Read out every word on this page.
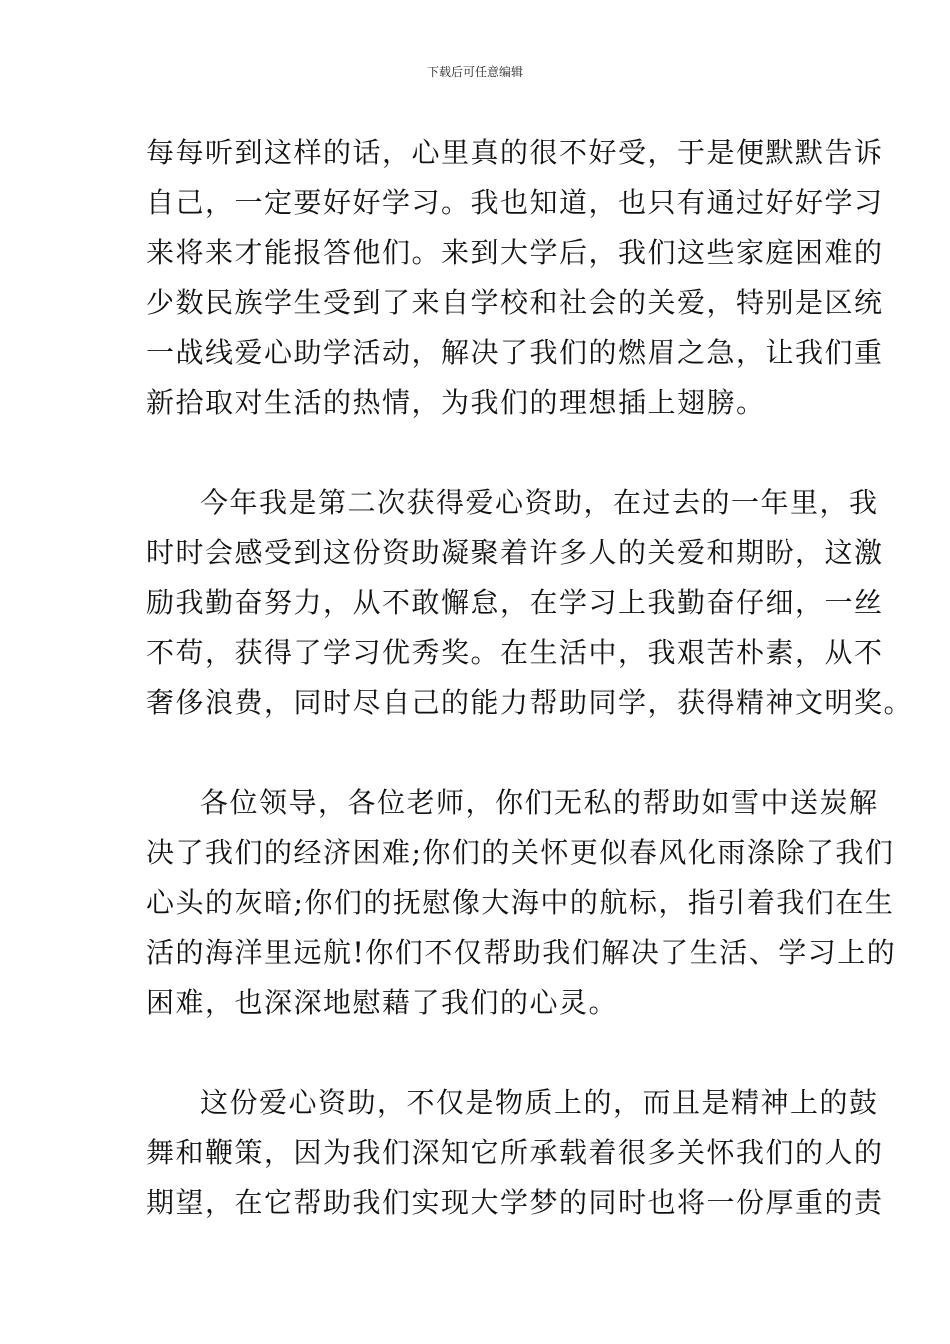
下载后可任意编辑
每每听到这样的话，心里真的很不好受，于是便默默告诉
自己，一定要好好学习。我也知道，也只有通过好好学习
来将来才能报答他们。来到大学后，我们这些家庭困难的
少数民族学生受到了来自学校和社会的关爱，特别是区统
一战线爱心助学活动，解决了我们的燃眉之急，让我们重
新拾取对生活的热情，为我们的理想插上翅膀。
今年我是第二次获得爱心资助，在过去的一年里，我
时时会感受到这份资助凝聚着许多人的关爱和期盼，这激
励我勤奋努力，从不敢懈怠，在学习上我勤奋仔细，一丝
不苟，获得了学习优秀奖。在生活中，我艰苦朴素，从不
奢侈浪费，同时尽自己的能力帮助同学，获得精神文明奖。
各位领导，各位老师，你们无私的帮助如雪中送炭解
决了我们的经济困难;你们的关怀更似春风化雨涤除了我们
心头的灰暗;你们的抚慰像大海中的航标，指引着我们在生
活的海洋里远航!你们不仅帮助我们解决了生活、学习上的
困难，也深深地慰藉了我们的心灵。
这份爱心资助，不仅是物质上的，而且是精神上的鼓
舞和鞭策，因为我们深知它所承载着很多关怀我们的人的
期望，在它帮助我们实现大学梦的同时也将一份厚重的责
